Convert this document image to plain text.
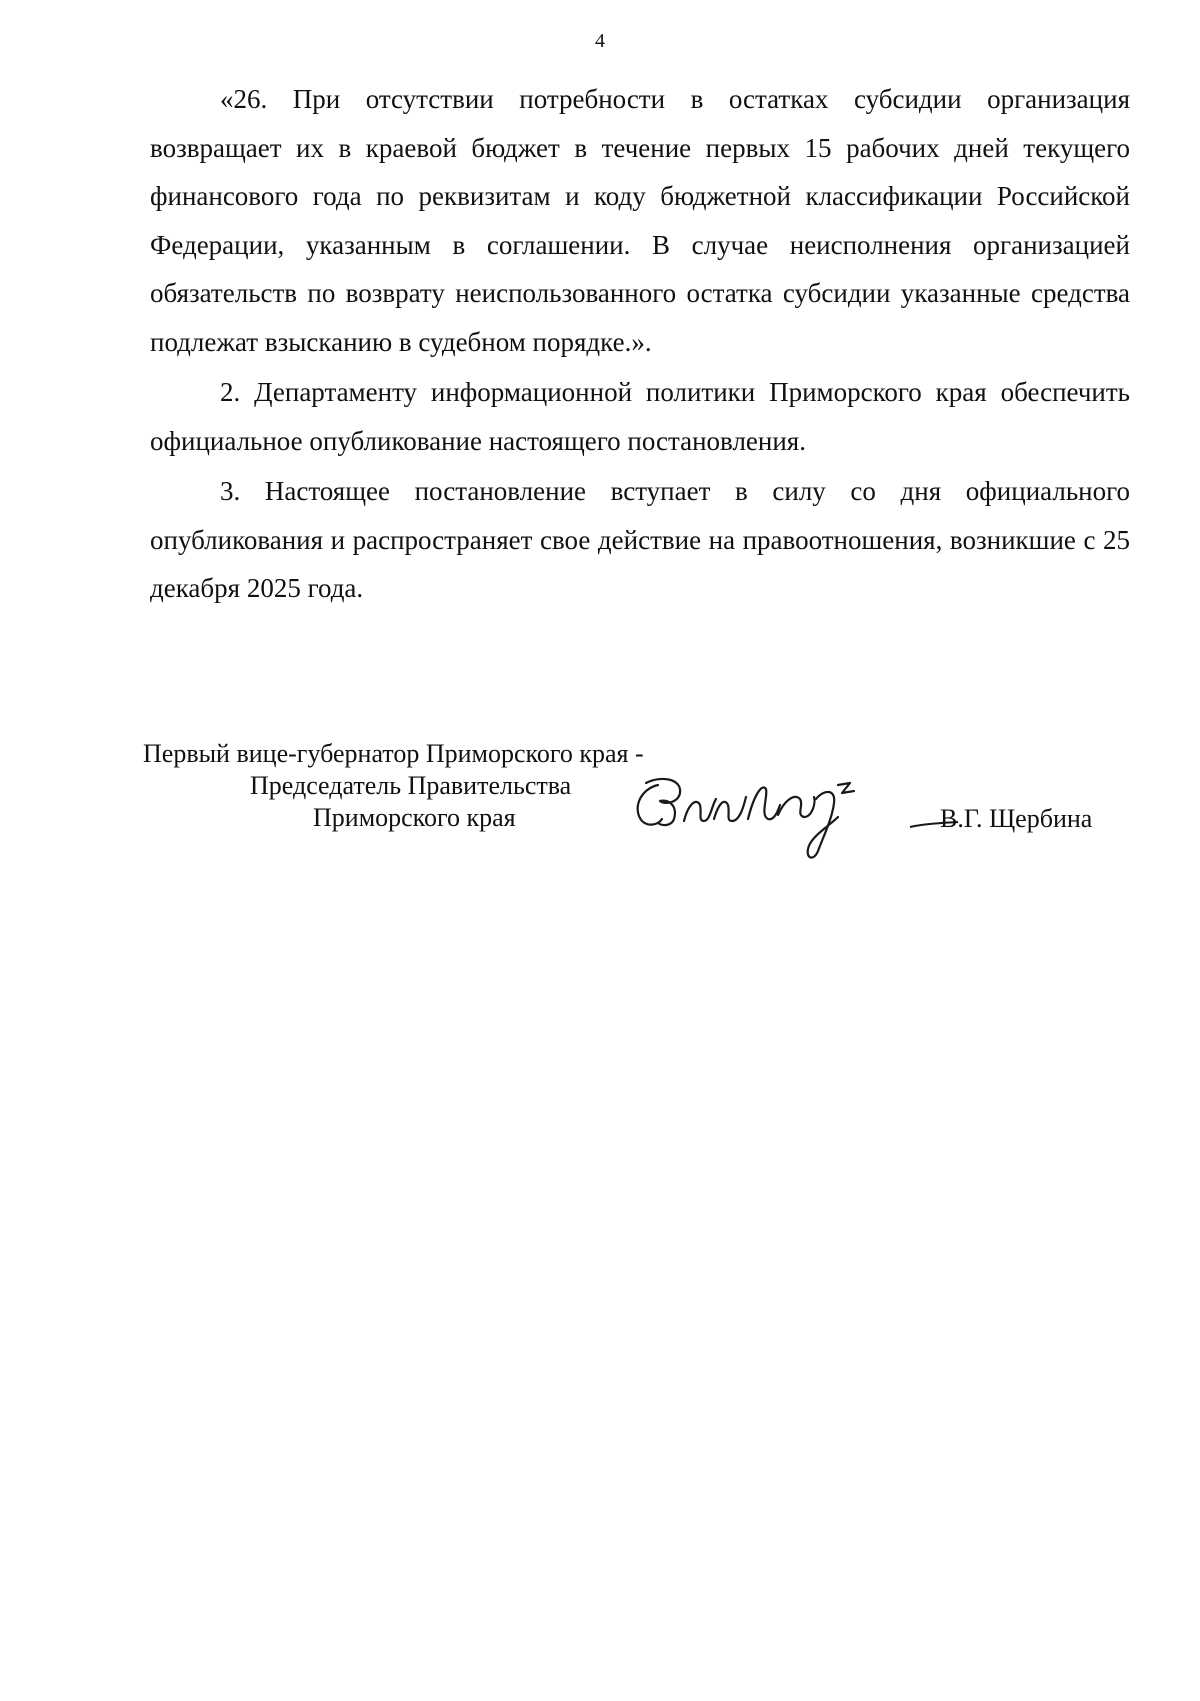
4

«26. При отсутствии потребности в остатках субсидии организация возвращает их в краевой бюджет в течение первых 15 рабочих дней текущего финансового года по реквизитам и коду бюджетной классификации Российской Федерации, указанным в соглашении. В случае неисполнения организацией обязательств по возврату неиспользованного остатка субсидии указанные средства подлежат взысканию в судебном порядке.».

2. Департаменту информационной политики Приморского края обеспечить официальное опубликование настоящего постановления.

3. Настоящее постановление вступает в силу со дня официального опубликования и распространяет свое действие на правоотношения, возникшие с 25 декабря 2025 года.

Первый вице-губернатор Приморского края -
Председатель Правительства
Приморского края	В.Г. Щербина
